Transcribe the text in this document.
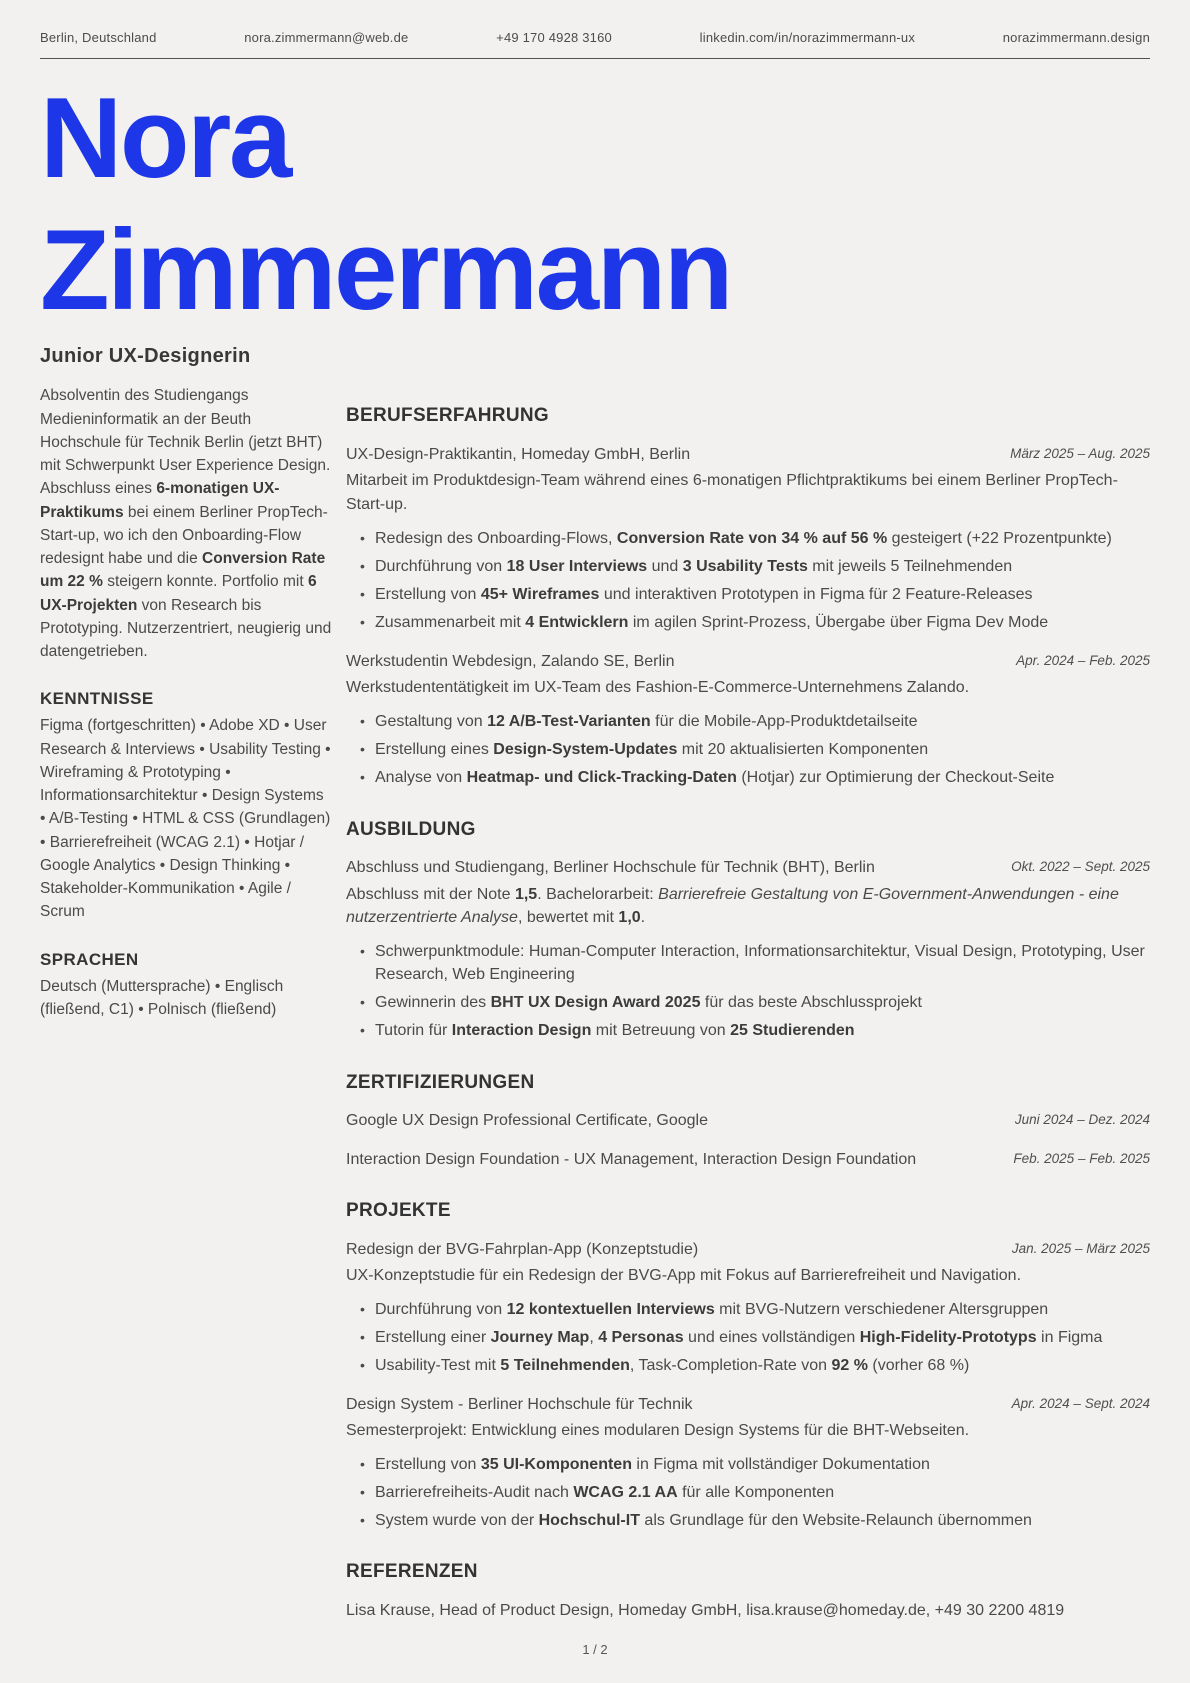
Berlin, Deutschland	nora.zimmermann@web.de	+49 170 4928 3160	linkedin.com/in/norazimmermann-ux	norazimmermann.design
Nora
Zimmermann
Junior UX-Designerin

Absolventin des Studiengangs Medieninformatik an der Beuth Hochschule für Technik Berlin (jetzt BHT) mit Schwerpunkt User Experience Design. Abschluss eines 6-monatigen UX-Praktikums bei einem Berliner PropTech-Start-up, wo ich den Onboarding-Flow redesignt habe und die Conversion Rate um 22 % steigern konnte. Portfolio mit 6 UX-Projekten von Research bis Prototyping. Nutzerzentriert, neugierig und datengetrieben.

KENNTNISSE

Figma (fortgeschritten) • Adobe XD • User Research & Interviews • Usability Testing • Wireframing & Prototyping • Informationsarchitektur • Design Systems • A/B-Testing • HTML & CSS (Grundlagen) • Barrierefreiheit (WCAG 2.1) • Hotjar / Google Analytics • Design Thinking • Stakeholder-Kommunikation • Agile / Scrum

SPRACHEN

Deutsch (Muttersprache) • Englisch (fließend, C1) • Polnisch (fließend)

BERUFSERFAHRUNG
UX-Design-Praktikantin, Homeday GmbH, Berlin	März 2025 – Aug. 2025

Mitarbeit im Produktdesign-Team während eines 6-monatigen Pflichtpraktikums bei einem Berliner PropTech-Start-up.

• Redesign des Onboarding-Flows, Conversion Rate von 34 % auf 56 % gesteigert (+22 Prozentpunkte)
• Durchführung von 18 User Interviews und 3 Usability Tests mit jeweils 5 Teilnehmenden
• Erstellung von 45+ Wireframes und interaktiven Prototypen in Figma für 2 Feature-Releases
• Zusammenarbeit mit 4 Entwicklern im agilen Sprint-Prozess, Übergabe über Figma Dev Mode
Werkstudentin Webdesign, Zalando SE, Berlin	Apr. 2024 – Feb. 2025

Werkstudententätigkeit im UX-Team des Fashion-E-Commerce-Unternehmens Zalando.

• Gestaltung von 12 A/B-Test-Varianten für die Mobile-App-Produktdetailseite
• Erstellung eines Design-System-Updates mit 20 aktualisierten Komponenten
• Analyse von Heatmap- und Click-Tracking-Daten (Hotjar) zur Optimierung der Checkout-Seite
AUSBILDUNG
Abschluss und Studiengang, Berliner Hochschule für Technik (BHT), Berlin	Okt. 2022 – Sept. 2025

Abschluss mit der Note 1,5. Bachelorarbeit: Barrierefreie Gestaltung von E-Government-Anwendungen - eine nutzerzentrierte Analyse, bewertet mit 1,0.

• Schwerpunktmodule: Human-Computer Interaction, Informationsarchitektur, Visual Design, Prototyping, User Research, Web Engineering
• Gewinnerin des BHT UX Design Award 2025 für das beste Abschlussprojekt
• Tutorin für Interaction Design mit Betreuung von 25 Studierenden
ZERTIFIZIERUNGEN
Google UX Design Professional Certificate, Google	Juni 2024 – Dez. 2024
Interaction Design Foundation - UX Management, Interaction Design Foundation	Feb. 2025 – Feb. 2025
PROJEKTE
Redesign der BVG-Fahrplan-App (Konzeptstudie)	Jan. 2025 – März 2025

UX-Konzeptstudie für ein Redesign der BVG-App mit Fokus auf Barrierefreiheit und Navigation.

• Durchführung von 12 kontextuellen Interviews mit BVG-Nutzern verschiedener Altersgruppen
• Erstellung einer Journey Map, 4 Personas und eines vollständigen High-Fidelity-Prototyps in Figma
• Usability-Test mit 5 Teilnehmenden, Task-Completion-Rate von 92 % (vorher 68 %)
Design System - Berliner Hochschule für Technik	Apr. 2024 – Sept. 2024

Semesterprojekt: Entwicklung eines modularen Design Systems für die BHT-Webseiten.

• Erstellung von 35 UI-Komponenten in Figma mit vollständiger Dokumentation
• Barrierefreiheits-Audit nach WCAG 2.1 AA für alle Komponenten
• System wurde von der Hochschul-IT als Grundlage für den Website-Relaunch übernommen
REFERENZEN

Lisa Krause, Head of Product Design, Homeday GmbH, lisa.krause@homeday.de, +49 30 2200 4819

1 / 2
